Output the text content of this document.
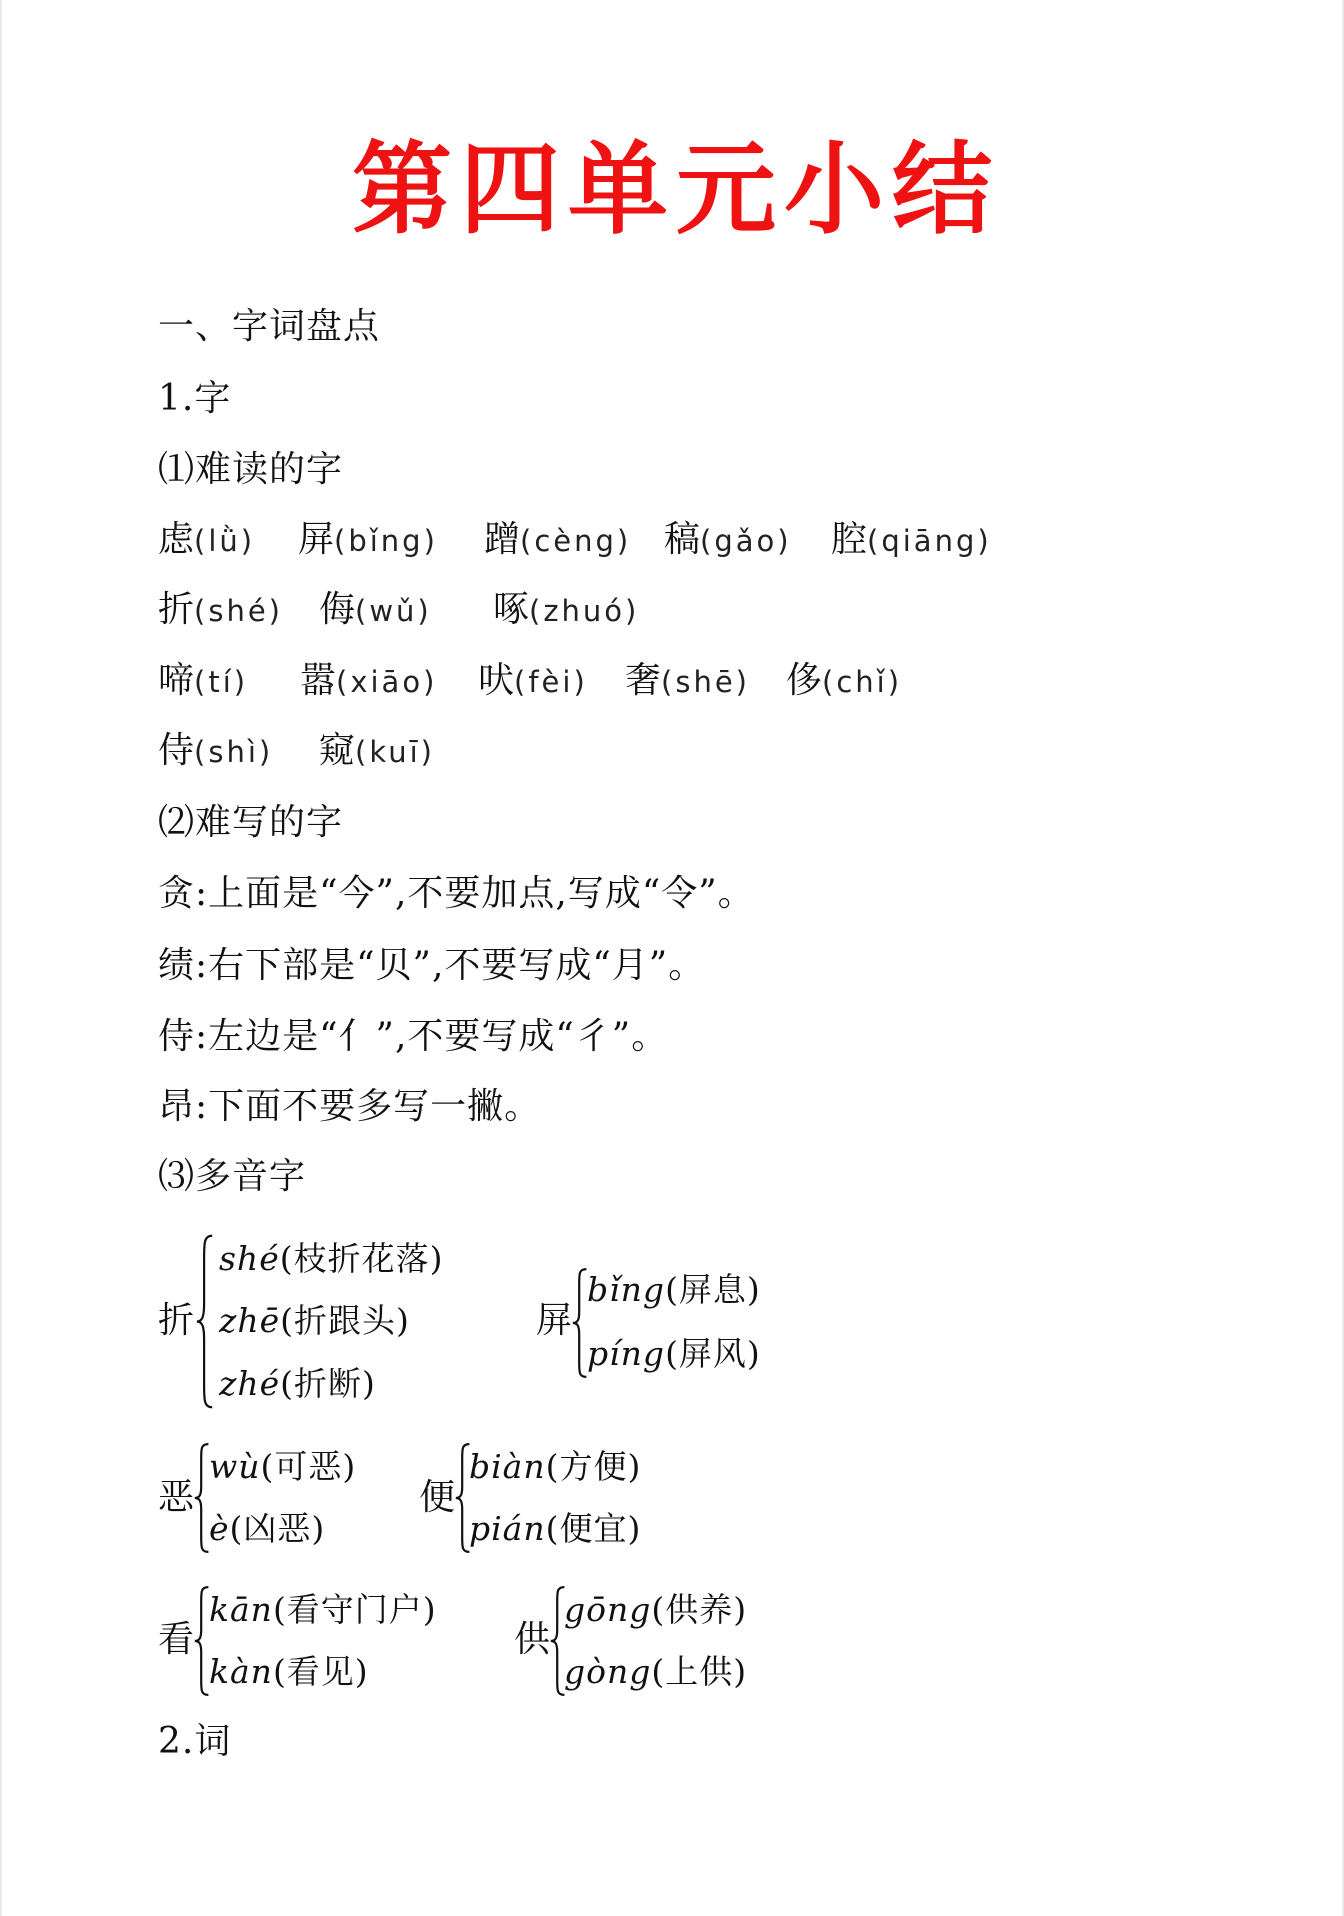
第四单元小结
一、字词盘点
1.字
⑴难读的字
虑(lǜ) 屏(bǐng) 蹭(cèng) 稿(gǎo) 腔(qiāng)
折(shé) 侮(wǔ) 啄(zhuó)
啼(tí) 嚣(xiāo) 吠(fèi) 奢(shē) 侈(chǐ)
侍(shì) 窥(kuī)
⑵难写的字
贪:上面是“今”,不要加点,写成“令”。
绩:右下部是“贝”,不要写成“月”。
侍:左边是“亻”,不要写成“彳”。
昂:下面不要多写一撇。
⑶多音字
折
shé(枝折花落)
zhē(折跟头)
zhé(折断)
屏
bǐng(屏息)
píng(屏风)
恶
wù(可恶)
è(凶恶)
便
biàn(方便)
pián(便宜)
看
kān(看守门户)
kàn(看见)
供
gōng(供养)
gòng(上供)
2.词
